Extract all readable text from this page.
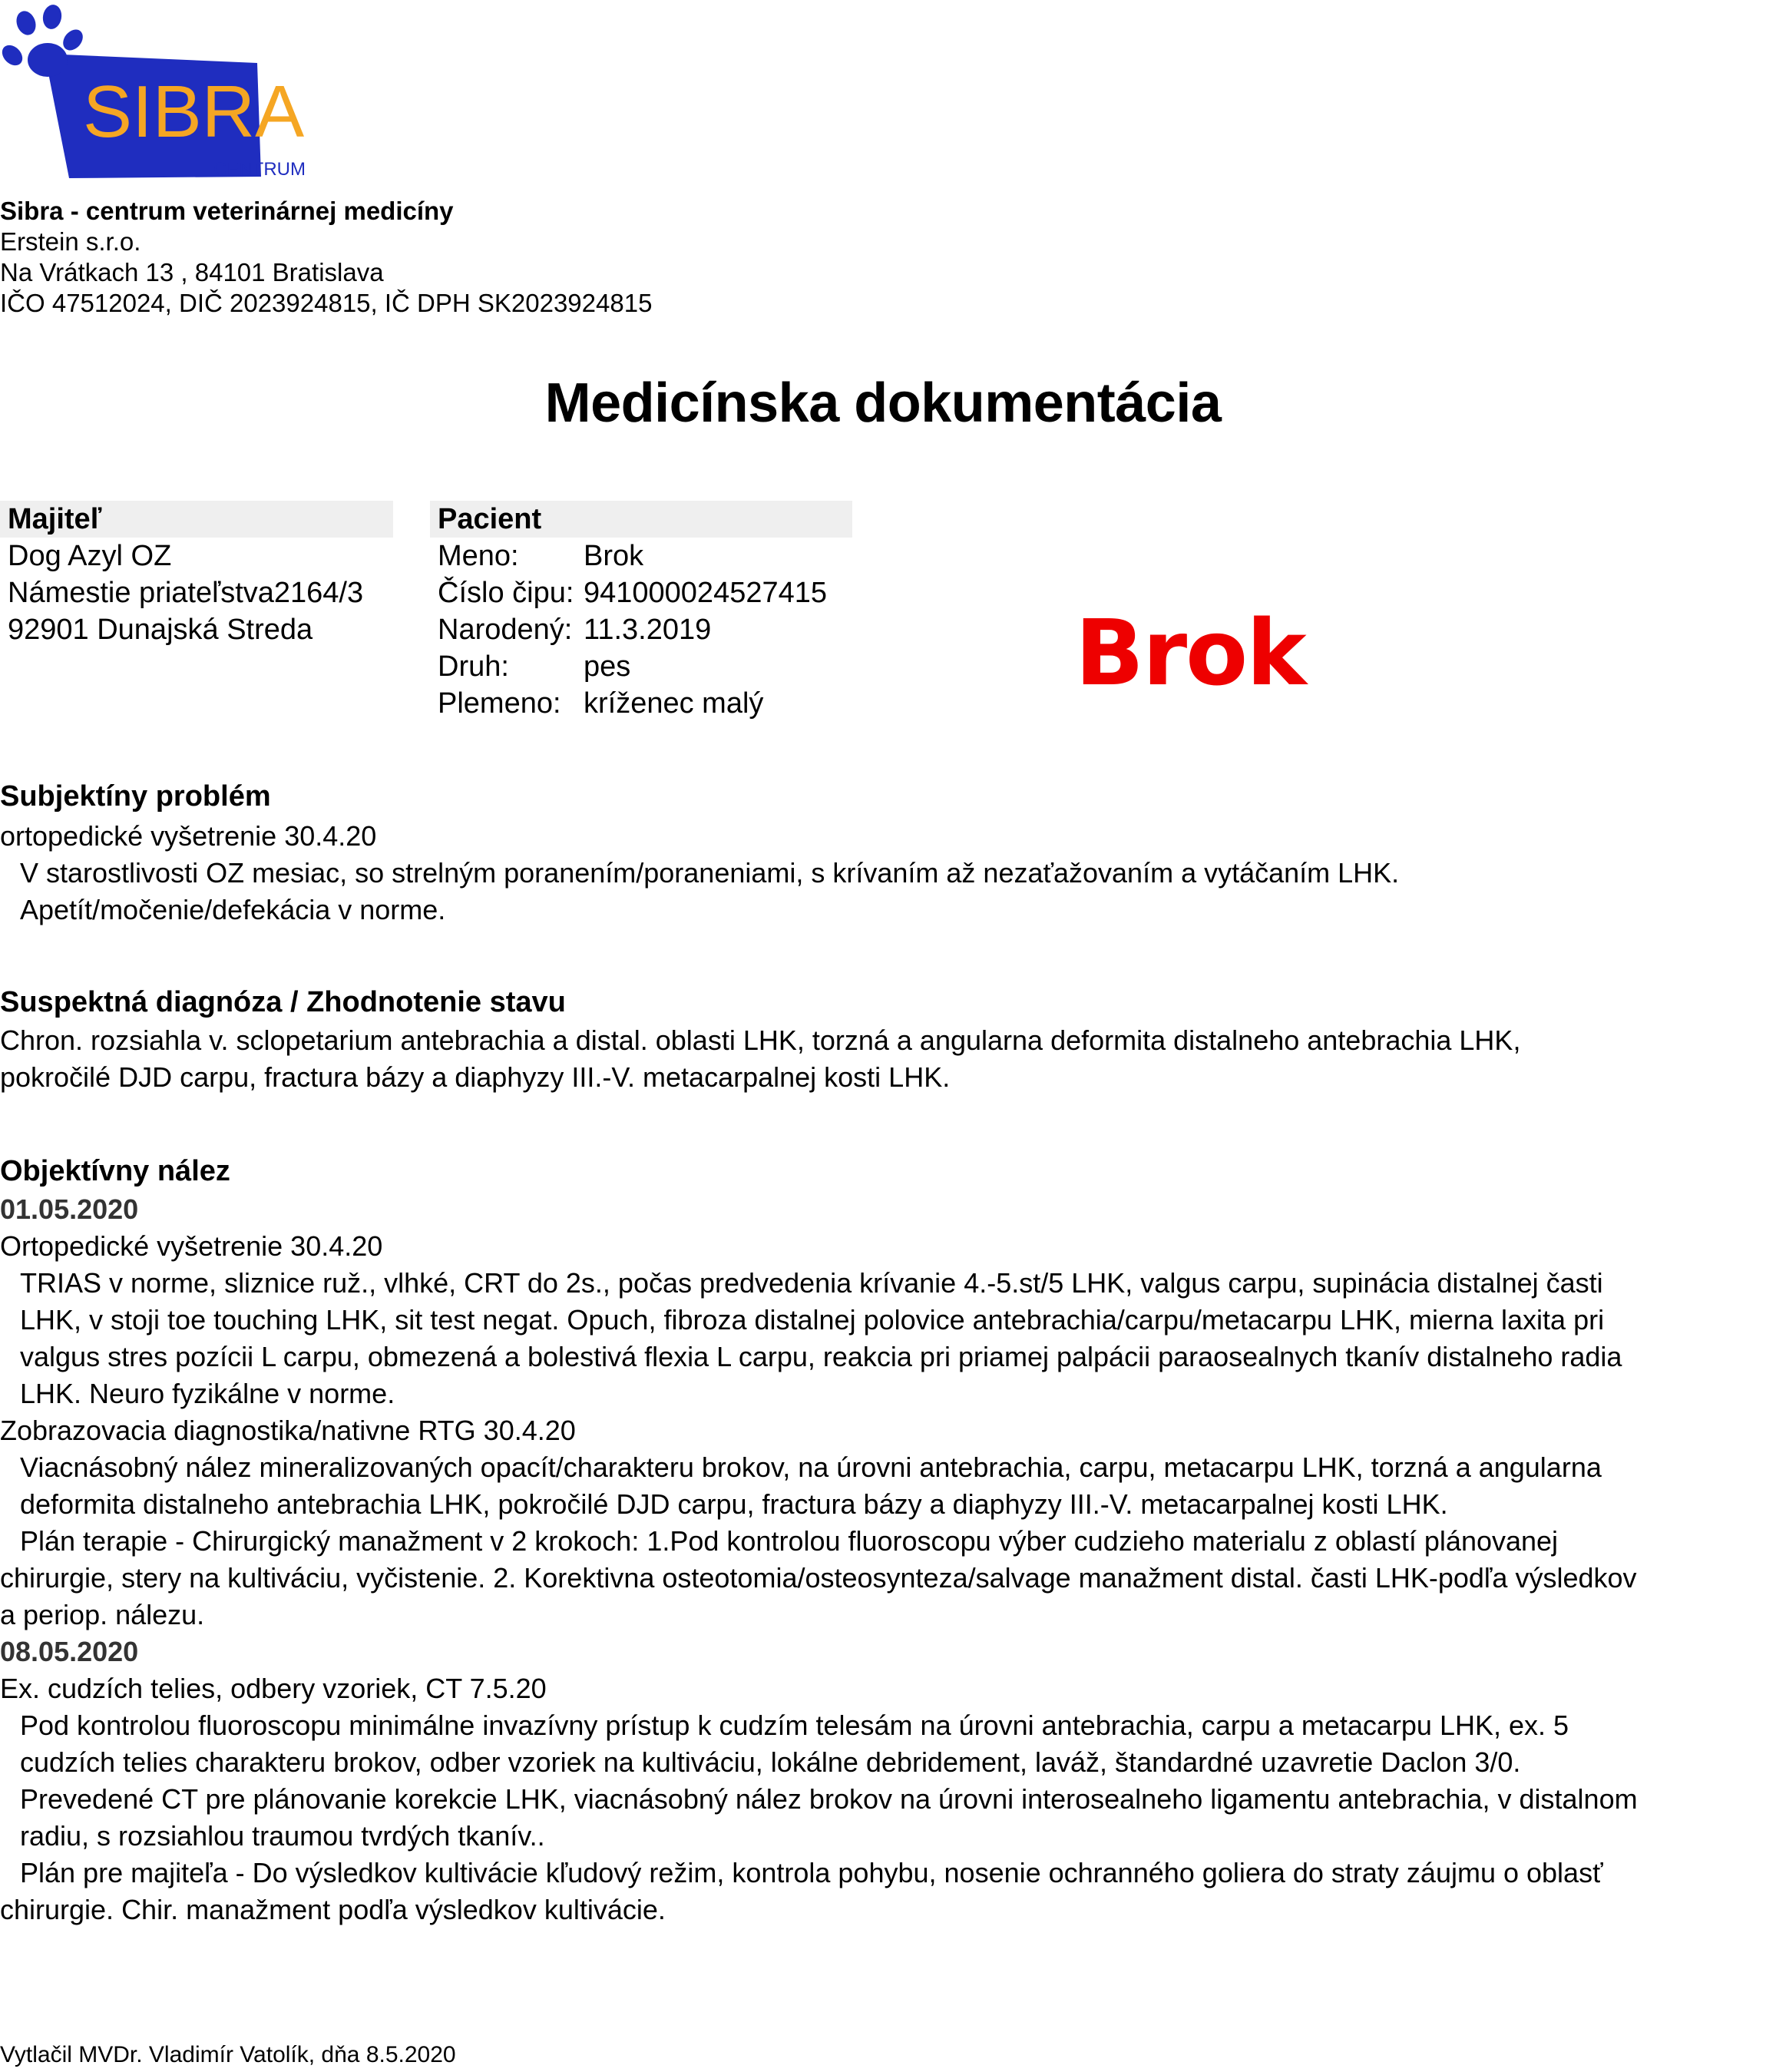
SIBRA
CENTRUM
Sibra - centrum veterinárnej medicíny
Erstein s.r.o.
Na Vrátkach 13 , 84101 Bratislava
IČO 47512024, DIČ 2023924815, IČ DPH SK2023924815
Medicínska dokumentácia
Majiteľ
Dog Azyl OZ
Námestie priateľstva2164/3
92901 Dunajská Streda
Pacient
Meno: Brok
Číslo čipu: 941000024527415
Narodený: 11.3.2019
Druh:	pes
Plemeno: kríženec malý	Brok
Subjektíny problém
ortopedické vyšetrenie 30.4.20
V starostlivosti OZ mesiac, so strelným poranením/poraneniami, s krívaním až nezaťažovaním a vytáčaním LHK.
Apetít/močenie/defekácia v norme.
Suspektná diagnóza / Zhodnotenie stavu
Chron. rozsiahla v. sclopetarium antebrachia a distal. oblasti LHK, torzná a angularna deformita distalneho antebrachia LHK,
pokročilé DJD carpu, fractura bázy a diaphyzy III.-V. metacarpalnej kosti LHK.
Objektívny nález
01.05.2020
Ortopedické vyšetrenie 30.4.20
TRIAS v norme, sliznice ruž., vlhké, CRT do 2s., počas predvedenia krívanie 4.-5.st/5 LHK, valgus carpu, supinácia distalnej časti
LHK, v stoji toe touching LHK, sit test negat. Opuch, fibroza distalnej polovice antebrachia/carpu/metacarpu LHK, mierna laxita pri
valgus stres pozícii L carpu, obmezená a bolestivá flexia L carpu, reakcia pri priamej palpácii paraosealnych tkanív distalneho radia
LHK. Neuro fyzikálne v norme.
Zobrazovacia diagnostika/nativne RTG 30.4.20
Viacnásobný nález mineralizovaných opacít/charakteru brokov, na úrovni antebrachia, carpu, metacarpu LHK, torzná a angularna
deformita distalneho antebrachia LHK, pokročilé DJD carpu, fractura bázy a diaphyzy III.-V. metacarpalnej kosti LHK.
Plán terapie - Chirurgický manažment v 2 krokoch: 1.Pod kontrolou fluoroscopu výber cudzieho materialu z oblastí plánovanej
chirurgie, stery na kultiváciu, vyčistenie. 2. Korektivna osteotomia/osteosynteza/salvage manažment distal. časti LHK-podľa výsledkov
a periop. nálezu.
08.05.2020
Ex. cudzích telies, odbery vzoriek, CT 7.5.20
Pod kontrolou fluoroscopu minimálne invazívny prístup k cudzím telesám na úrovni antebrachia, carpu a metacarpu LHK, ex. 5
cudzích telies charakteru brokov, odber vzoriek na kultiváciu, lokálne debridement, laváž, štandardné uzavretie Daclon 3/0.
Prevedené CT pre plánovanie korekcie LHK, viacnásobný nález brokov na úrovni interosealneho ligamentu antebrachia, v distalnom
radiu, s rozsiahlou traumou tvrdých tkanív..
Plán pre majiteľa - Do výsledkov kultivácie kľudový režim, kontrola pohybu, nosenie ochranného goliera do straty záujmu o oblasť
chirurgie. Chir. manažment podľa výsledkov kultivácie.
Vytlačil MVDr. Vladimír Vatolík, dňa 8.5.2020
